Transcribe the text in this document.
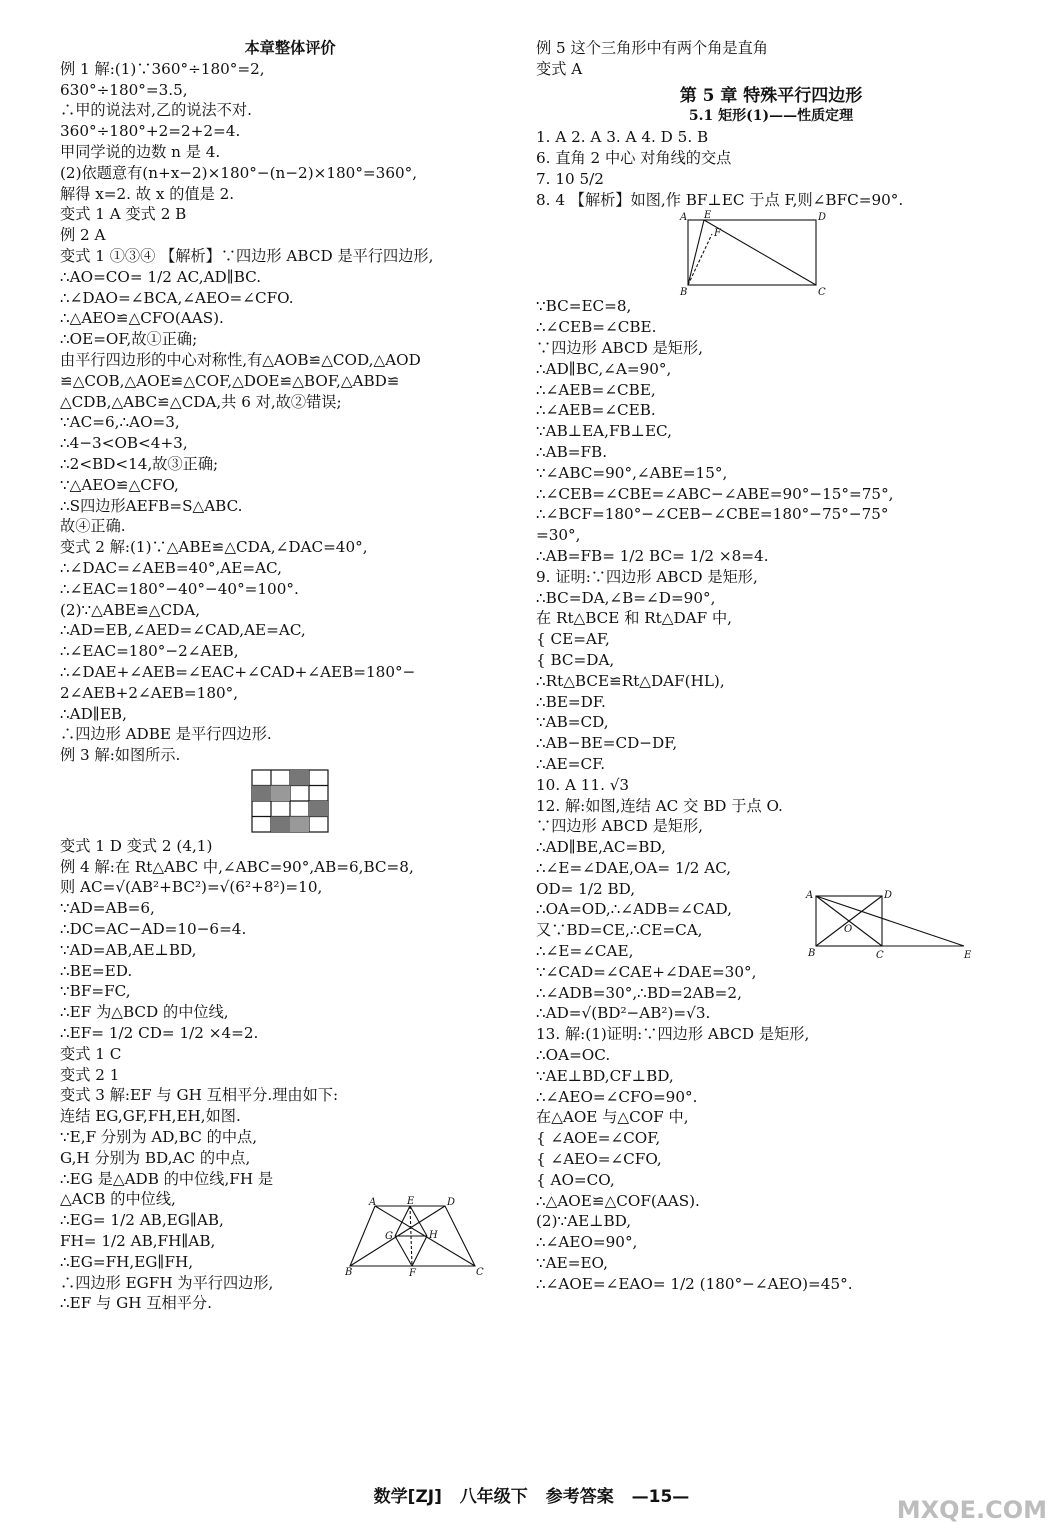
本章整体评价
例 1 解:(1)∵360°÷180°=2,
630°÷180°=3.5,
∴甲的说法对,乙的说法不对.
360°÷180°+2=2+2=4.
甲同学说的边数 n 是 4.
(2)依题意有(n+x−2)×180°−(n−2)×180°=360°,
解得 x=2. 故 x 的值是 2.
变式 1 A 变式 2 B
例 2 A
变式 1 ①③④ 【解析】∵四边形 ABCD 是平行四边形,
∴AO=CO= 1/2 AC,AD∥BC.
∴∠DAO=∠BCA,∠AEO=∠CFO.
∴△AEO≌△CFO(AAS).
∴OE=OF,故①正确;
由平行四边形的中心对称性,有△AOB≌△COD,△AOD
≌△COB,△AOE≌△COF,△DOE≌△BOF,△ABD≌
△CDB,△ABC≌△CDA,共 6 对,故②错误;
∵AC=6,∴AO=3,
∴4−3<OB<4+3,
∴2<BD<14,故③正确;
∵△AEO≌△CFO,
∴S四边形AEFB=S△ABC.
故④正确.
变式 2 解:(1)∵△ABE≌△CDA,∠DAC=40°,
∴∠DAC=∠AEB=40°,AE=AC,
∴∠EAC=180°−40°−40°=100°.
(2)∵△ABE≌△CDA,
∴AD=EB,∠AED=∠CAD,AE=AC,
∴∠EAC=180°−2∠AEB,
∴∠DAE+∠AEB=∠EAC+∠CAD+∠AEB=180°−
2∠AEB+2∠AEB=180°,
∴AD∥EB,
∴四边形 ADBE 是平行四边形.
例 3 解:如图所示.
变式 1 D 变式 2 (4,1)
例 4 解:在 Rt△ABC 中,∠ABC=90°,AB=6,BC=8,
则 AC=√(AB²+BC²)=√(6²+8²)=10,
∵AD=AB=6,
∴DC=AC−AD=10−6=4.
∵AD=AB,AE⊥BD,
∴BE=ED.
∵BF=FC,
∴EF 为△BCD 的中位线,
∴EF= 1/2 CD= 1/2 ×4=2.
变式 1 C
变式 2 1
变式 3 解:EF 与 GH 互相平分.理由如下:
连结 EG,GF,FH,EH,如图.
∵E,F 分别为 AD,BC 的中点,
G,H 分别为 BD,AC 的中点,
∴EG 是△ADB 的中位线,FH 是
△ACB 的中位线,
∴EG= 1/2 AB,EG∥AB,
FH= 1/2 AB,FH∥AB,
∴EG=FH,EG∥FH,
∴四边形 EGFH 为平行四边形,
∴EF 与 GH 互相平分.
A	E	D
G	H
B	F	C
例 5 这个三角形中有两个角是直角
变式 A
第 5 章 特殊平行四边形
5.1 矩形(1)——性质定理
1. A 2. A 3. A 4. D 5. B
6. 直角 2 中心 对角线的交点
7. 10 5/2
8. 4 【解析】如图,作 BF⊥EC 于点 F,则∠BFC=90°.
A E	D
B	C
F
∵BC=EC=8,
∴∠CEB=∠CBE.
∵四边形 ABCD 是矩形,
∴AD∥BC,∠A=90°,
∴∠AEB=∠CBE,
∴∠AEB=∠CEB.
∵AB⊥EA,FB⊥EC,
∴AB=FB.
∵∠ABC=90°,∠ABE=15°,
∴∠CEB=∠CBE=∠ABC−∠ABE=90°−15°=75°,
∴∠BCF=180°−∠CEB−∠CBE=180°−75°−75°
=30°,
∴AB=FB= 1/2 BC= 1/2 ×8=4.
9. 证明:∵四边形 ABCD 是矩形,
∴BC=DA,∠B=∠D=90°,
在 Rt△BCE 和 Rt△DAF 中,
{ CE=AF,
{ BC=DA,
∴Rt△BCE≌Rt△DAF(HL),
∴BE=DF.
∵AB=CD,
∴AB−BE=CD−DF,
∴AE=CF.
10. A 11. √3
12. 解:如图,连结 AC 交 BD 于点 O.
∵四边形 ABCD 是矩形,
∴AD∥BE,AC=BD,
∴∠E=∠DAE,OA= 1/2 AC,
OD= 1/2 BD,
∴OA=OD,∴∠ADB=∠CAD,
又∵BD=CE,∴CE=CA,
∴∠E=∠CAE,
∵∠CAD=∠CAE+∠DAE=30°,
∴∠ADB=30°,∴BD=2AB=2,
∴AD=√(BD²−AB²)=√3.
13. 解:(1)证明:∵四边形 ABCD 是矩形,
∴OA=OC.
∵AE⊥BD,CF⊥BD,
∴∠AEO=∠CFO=90°.
在△AOE 与△COF 中,
{ ∠AOE=∠COF,
{ ∠AEO=∠CFO,
{ AO=CO,
∴△AOE≌△COF(AAS).
(2)∵AE⊥BD,
∴∠AEO=90°,
∵AE=EO,
∴∠AOE=∠EAO= 1/2 (180°−∠AEO)=45°.
A	D
O
B	C	E
数学[ZJ] 八年级下 参考答案 —15—	MXQE.COM
